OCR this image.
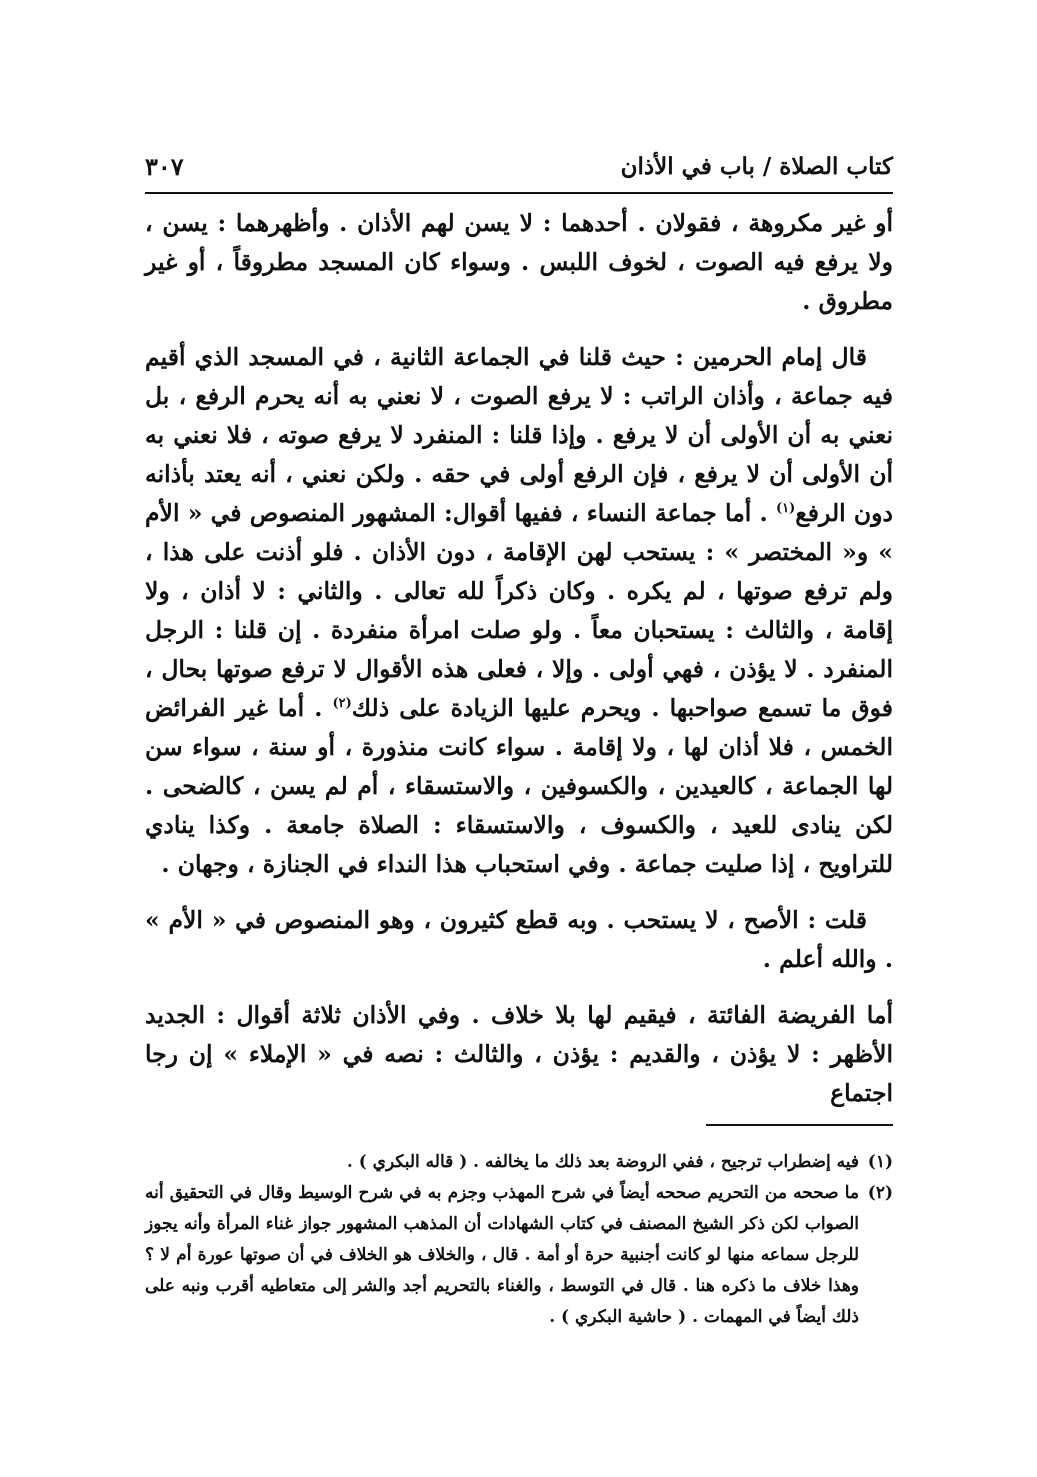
كتاب الصلاة / باب في الأذان
٣٠٧

أو غير مكروهة ، فقولان . أحدهما : لا يسن لهم الأذان . وأظهرهما : يسن ، ولا يرفع فيه الصوت ، لخوف اللبس . وسواء كان المسجد مطروقاً ، أو غير مطروق .

قال إمام الحرمين : حيث قلنا في الجماعة الثانية ، في المسجد الذي أقيم فيه جماعة ، وأذان الراتب : لا يرفع الصوت ، لا نعني به أنه يحرم الرفع ، بل نعني به أن الأولى أن لا يرفع . وإذا قلنا : المنفرد لا يرفع صوته ، فلا نعني به أن الأولى أن لا يرفع ، فإن الرفع أولى في حقه . ولكن نعني ، أنه يعتد بأذانه دون الرفع$^{(١)}$ . أما جماعة النساء ، ففيها أقوال: المشهور المنصوص في « الأم » و« المختصر » : يستحب لهن الإقامة ، دون الأذان . فلو أذنت على هذا ، ولم ترفع صوتها ، لم يكره . وكان ذكراً لله تعالى . والثاني : لا أذان ، ولا إقامة ، والثالث : يستحبان معاً . ولو صلت امرأة منفردة . إن قلنا : الرجل المنفرد . لا يؤذن ، فهي أولى . وإلا ، فعلى هذه الأقوال لا ترفع صوتها بحال ، فوق ما تسمع صواحبها . ويحرم عليها الزيادة على ذلك$^{(٢)}$ . أما غير الفرائض الخمس ، فلا أذان لها ، ولا إقامة . سواء كانت منذورة ، أو سنة ، سواء سن لها الجماعة ، كالعيدين ، والكسوفين ، والاستسقاء ، أم لم يسن ، كالضحى . لكن ينادى للعيد ، والكسوف ، والاستسقاء : الصلاة جامعة . وكذا ينادي للتراويح ، إذا صليت جماعة . وفي استحباب هذا النداء في الجنازة ، وجهان .

قلت : الأصح ، لا يستحب . وبه قطع كثيرون ، وهو المنصوص في « الأم » . والله أعلم .

أما الفريضة الفائتة ، فيقيم لها بلا خلاف . وفي الأذان ثلاثة أقوال : الجديد الأظهر : لا يؤذن ، والقديم : يؤذن ، والثالث : نصه في « الإملاء » إن رجا اجتماع

(١)
فيه إضطراب ترجيح ، ففي الروضة بعد ذلك ما يخالفه . ( قاله البكري ) .
(٢)
ما صححه من التحريم صححه أيضاً في شرح المهذب وجزم به في شرح الوسيط وقال في التحقيق أنه الصواب لكن ذكر الشيخ المصنف في كتاب الشهادات أن المذهب المشهور جواز غناء المرأة وأنه يجوز للرجل سماعه منها لو كانت أجنبية حرة أو أمة . قال ، والخلاف هو الخلاف في أن صوتها عورة أم لا ؟ وهذا خلاف ما ذكره هنا . قال في التوسط ، والغناء بالتحريم أجد والشر إلى متعاطيه أقرب ونبه على ذلك أيضاً في المهمات . ( حاشية البكري ) .
